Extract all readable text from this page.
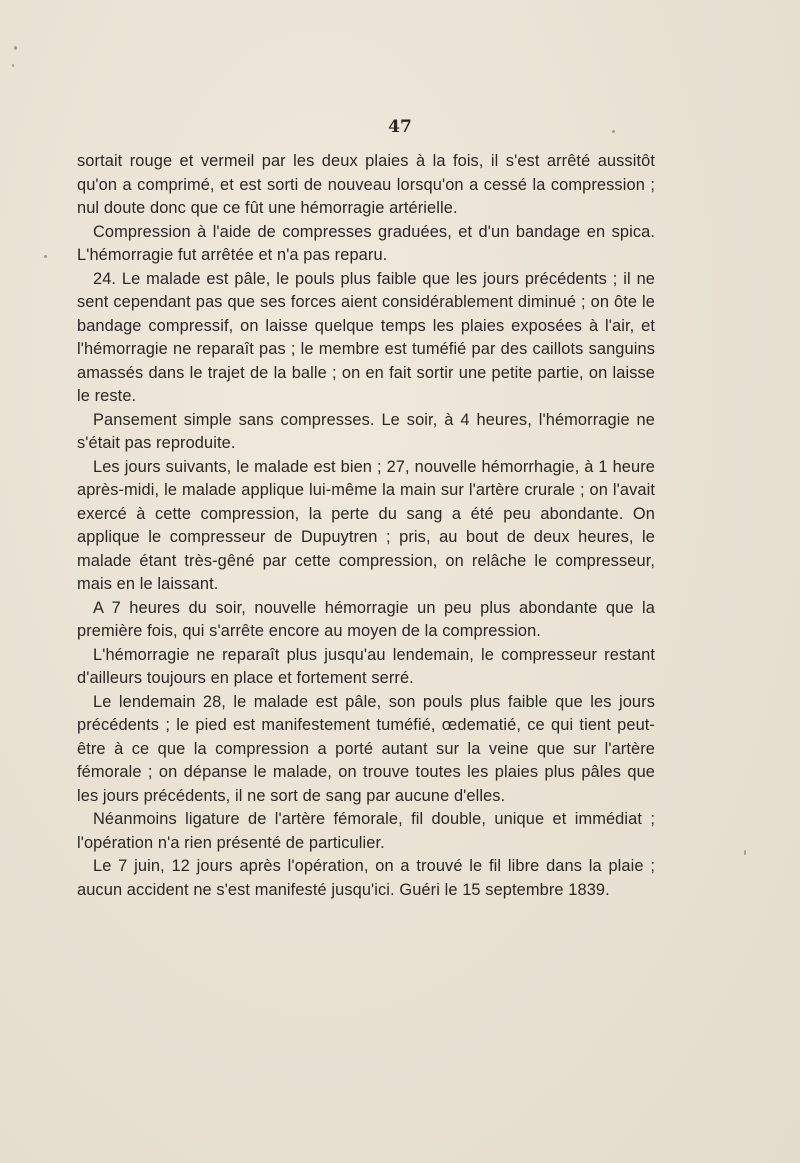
47

sortait rouge et vermeil par les deux plaies à la fois, il s'est arrêté aussitôt qu'on a comprimé, et est sorti de nouveau lorsqu'on a cessé la compression ; nul doute donc que ce fût une hémorragie artérielle.

Compression à l'aide de compresses graduées, et d'un bandage en spica. L'hémorragie fut arrêtée et n'a pas reparu.

24. Le malade est pâle, le pouls plus faible que les jours précédents ; il ne sent cependant pas que ses forces aient considérablement diminué ; on ôte le bandage compressif, on laisse quelque temps les plaies exposées à l'air, et l'hémorragie ne reparaît pas ; le membre est tuméfié par des caillots sanguins amassés dans le trajet de la balle ; on en fait sortir une petite partie, on laisse le reste.

Pansement simple sans compresses. Le soir, à 4 heures, l'hémorragie ne s'était pas reproduite.

Les jours suivants, le malade est bien ; 27, nouvelle hémorrhagie, à 1 heure après-midi, le malade applique lui-même la main sur l'artère crurale ; on l'avait exercé à cette compression, la perte du sang a été peu abondante. On applique le compresseur de Dupuytren ; pris, au bout de deux heures, le malade étant très-gêné par cette compression, on relâche le compresseur, mais en le laissant.

A 7 heures du soir, nouvelle hémorragie un peu plus abondante que la première fois, qui s'arrête encore au moyen de la compression.

L'hémorragie ne reparaît plus jusqu'au lendemain, le compresseur restant d'ailleurs toujours en place et fortement serré.

Le lendemain 28, le malade est pâle, son pouls plus faible que les jours précédents ; le pied est manifestement tuméfié, œdematié, ce qui tient peut-être à ce que la compression a porté autant sur la veine que sur l'artère fémorale ; on dépanse le malade, on trouve toutes les plaies plus pâles que les jours précédents, il ne sort de sang par aucune d'elles.

Néanmoins ligature de l'artère fémorale, fil double, unique et immédiat ; l'opération n'a rien présenté de particulier.

Le 7 juin, 12 jours après l'opération, on a trouvé le fil libre dans la plaie ; aucun accident ne s'est manifesté jusqu'ici. Guéri le 15 septembre 1839.
